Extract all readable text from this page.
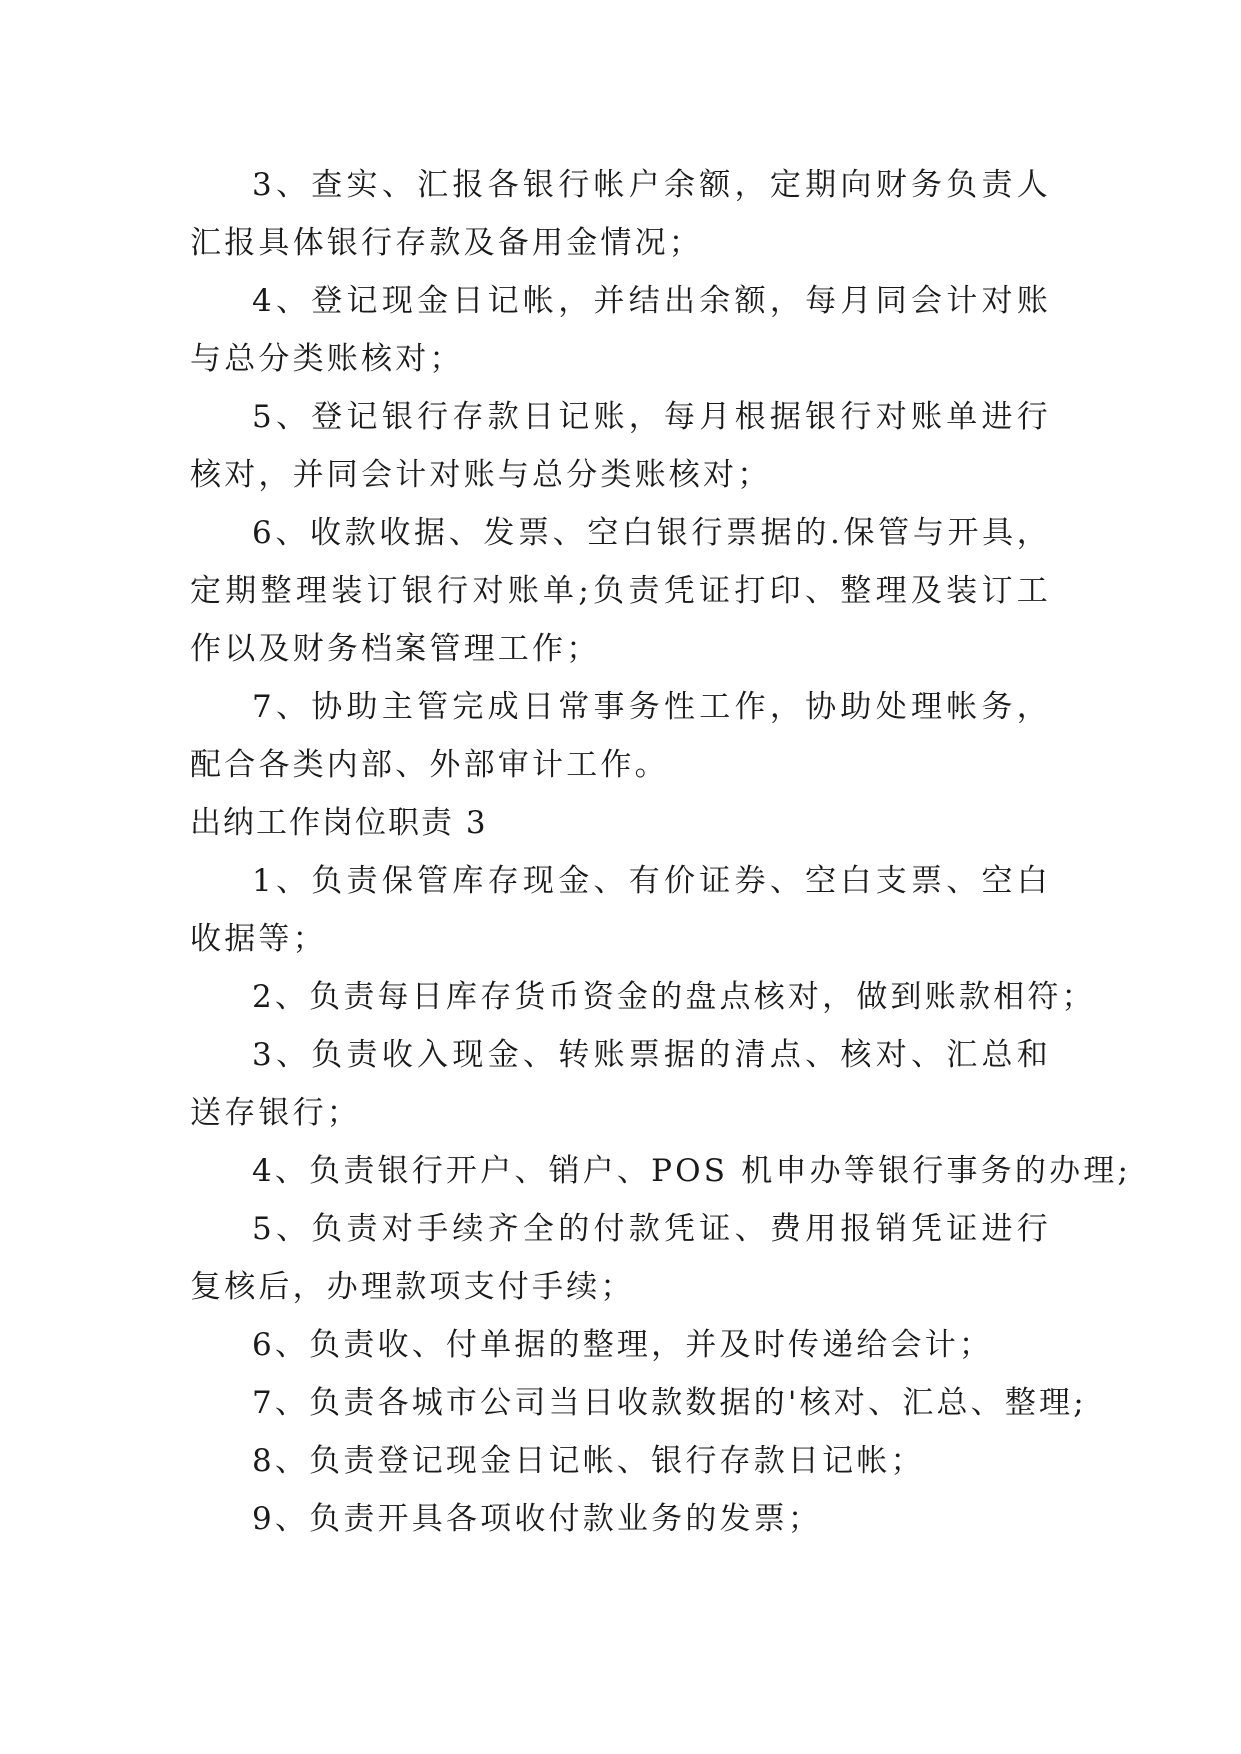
3、查实、汇报各银行帐户余额，定期向财务负责人汇报具体银行存款及备用金情况；

4、登记现金日记帐，并结出余额，每月同会计对账与总分类账核对；

5、登记银行存款日记账，每月根据银行对账单进行核对，并同会计对账与总分类账核对；

6、收款收据、发票、空白银行票据的.保管与开具，定期整理装订银行对账单;负责凭证打印、整理及装订工作以及财务档案管理工作；

7、协助主管完成日常事务性工作，协助处理帐务，配合各类内部、外部审计工作。

出纳工作岗位职责 3

1、负责保管库存现金、有价证券、空白支票、空白收据等；

2、负责每日库存货币资金的盘点核对，做到账款相符；

3、负责收入现金、转账票据的清点、核对、汇总和送存银行；

4、负责银行开户、销户、POS 机申办等银行事务的办理;

5、负责对手续齐全的付款凭证、费用报销凭证进行复核后，办理款项支付手续；

6、负责收、付单据的整理，并及时传递给会计；

7、负责各城市公司当日收款数据的'核对、汇总、整理;

8、负责登记现金日记帐、银行存款日记帐；

9、负责开具各项收付款业务的发票；
